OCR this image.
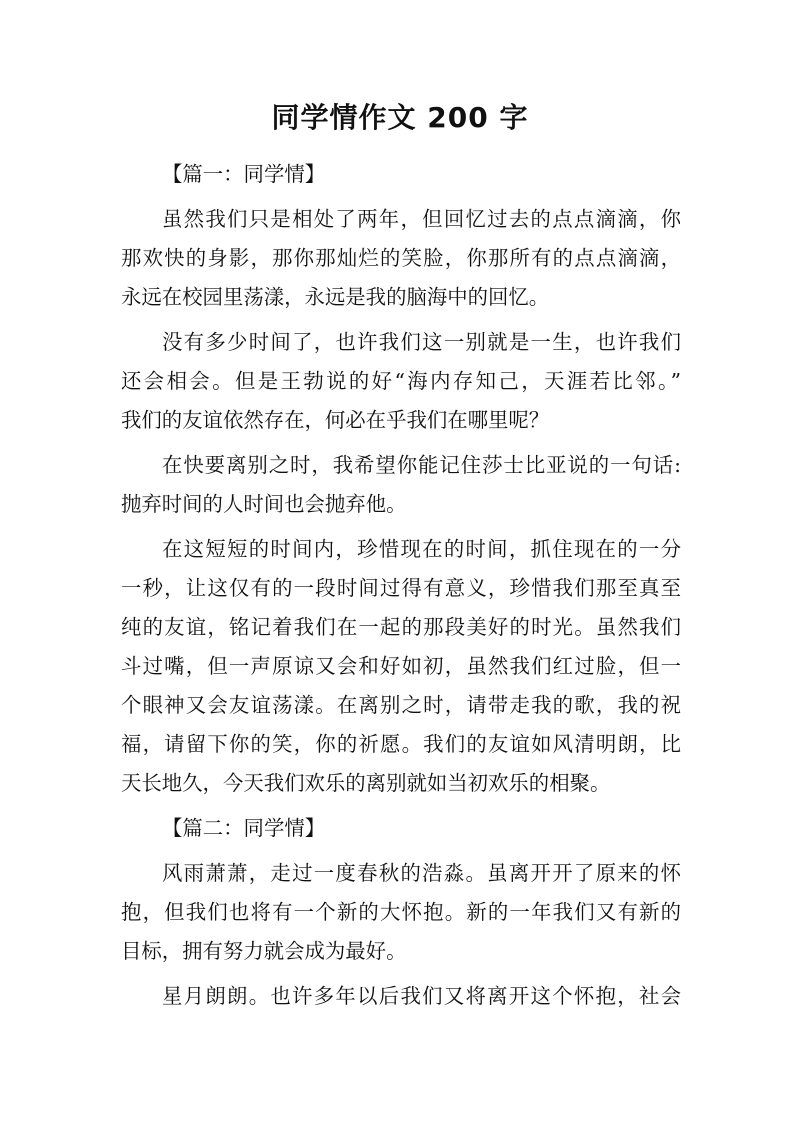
同学情作文 200 字
【篇一：同学情】
虽然我们只是相处了两年，但回忆过去的点点滴滴，你
那欢快的身影，那你那灿烂的笑脸，你那所有的点点滴滴，
永远在校园里荡漾，永远是我的脑海中的回忆。
没有多少时间了，也许我们这一别就是一生，也许我们
还会相会。但是王勃说的好“海内存知己，天涯若比邻。”
我们的友谊依然存在，何必在乎我们在哪里呢？
在快要离别之时，我希望你能记住莎士比亚说的一句话:
抛弃时间的人时间也会抛弃他。
在这短短的时间内，珍惜现在的时间，抓住现在的一分
一秒，让这仅有的一段时间过得有意义，珍惜我们那至真至
纯的友谊，铭记着我们在一起的那段美好的时光。虽然我们
斗过嘴，但一声原谅又会和好如初，虽然我们红过脸，但一
个眼神又会友谊荡漾。在离别之时，请带走我的歌，我的祝
福，请留下你的笑，你的祈愿。我们的友谊如风清明朗，比
天长地久，今天我们欢乐的离别就如当初欢乐的相聚。
【篇二：同学情】
风雨萧萧，走过一度春秋的浩淼。虽离开开了原来的怀
抱，但我们也将有一个新的大怀抱。新的一年我们又有新的
目标，拥有努力就会成为最好。
星月朗朗。也许多年以后我们又将离开这个怀抱，社会
